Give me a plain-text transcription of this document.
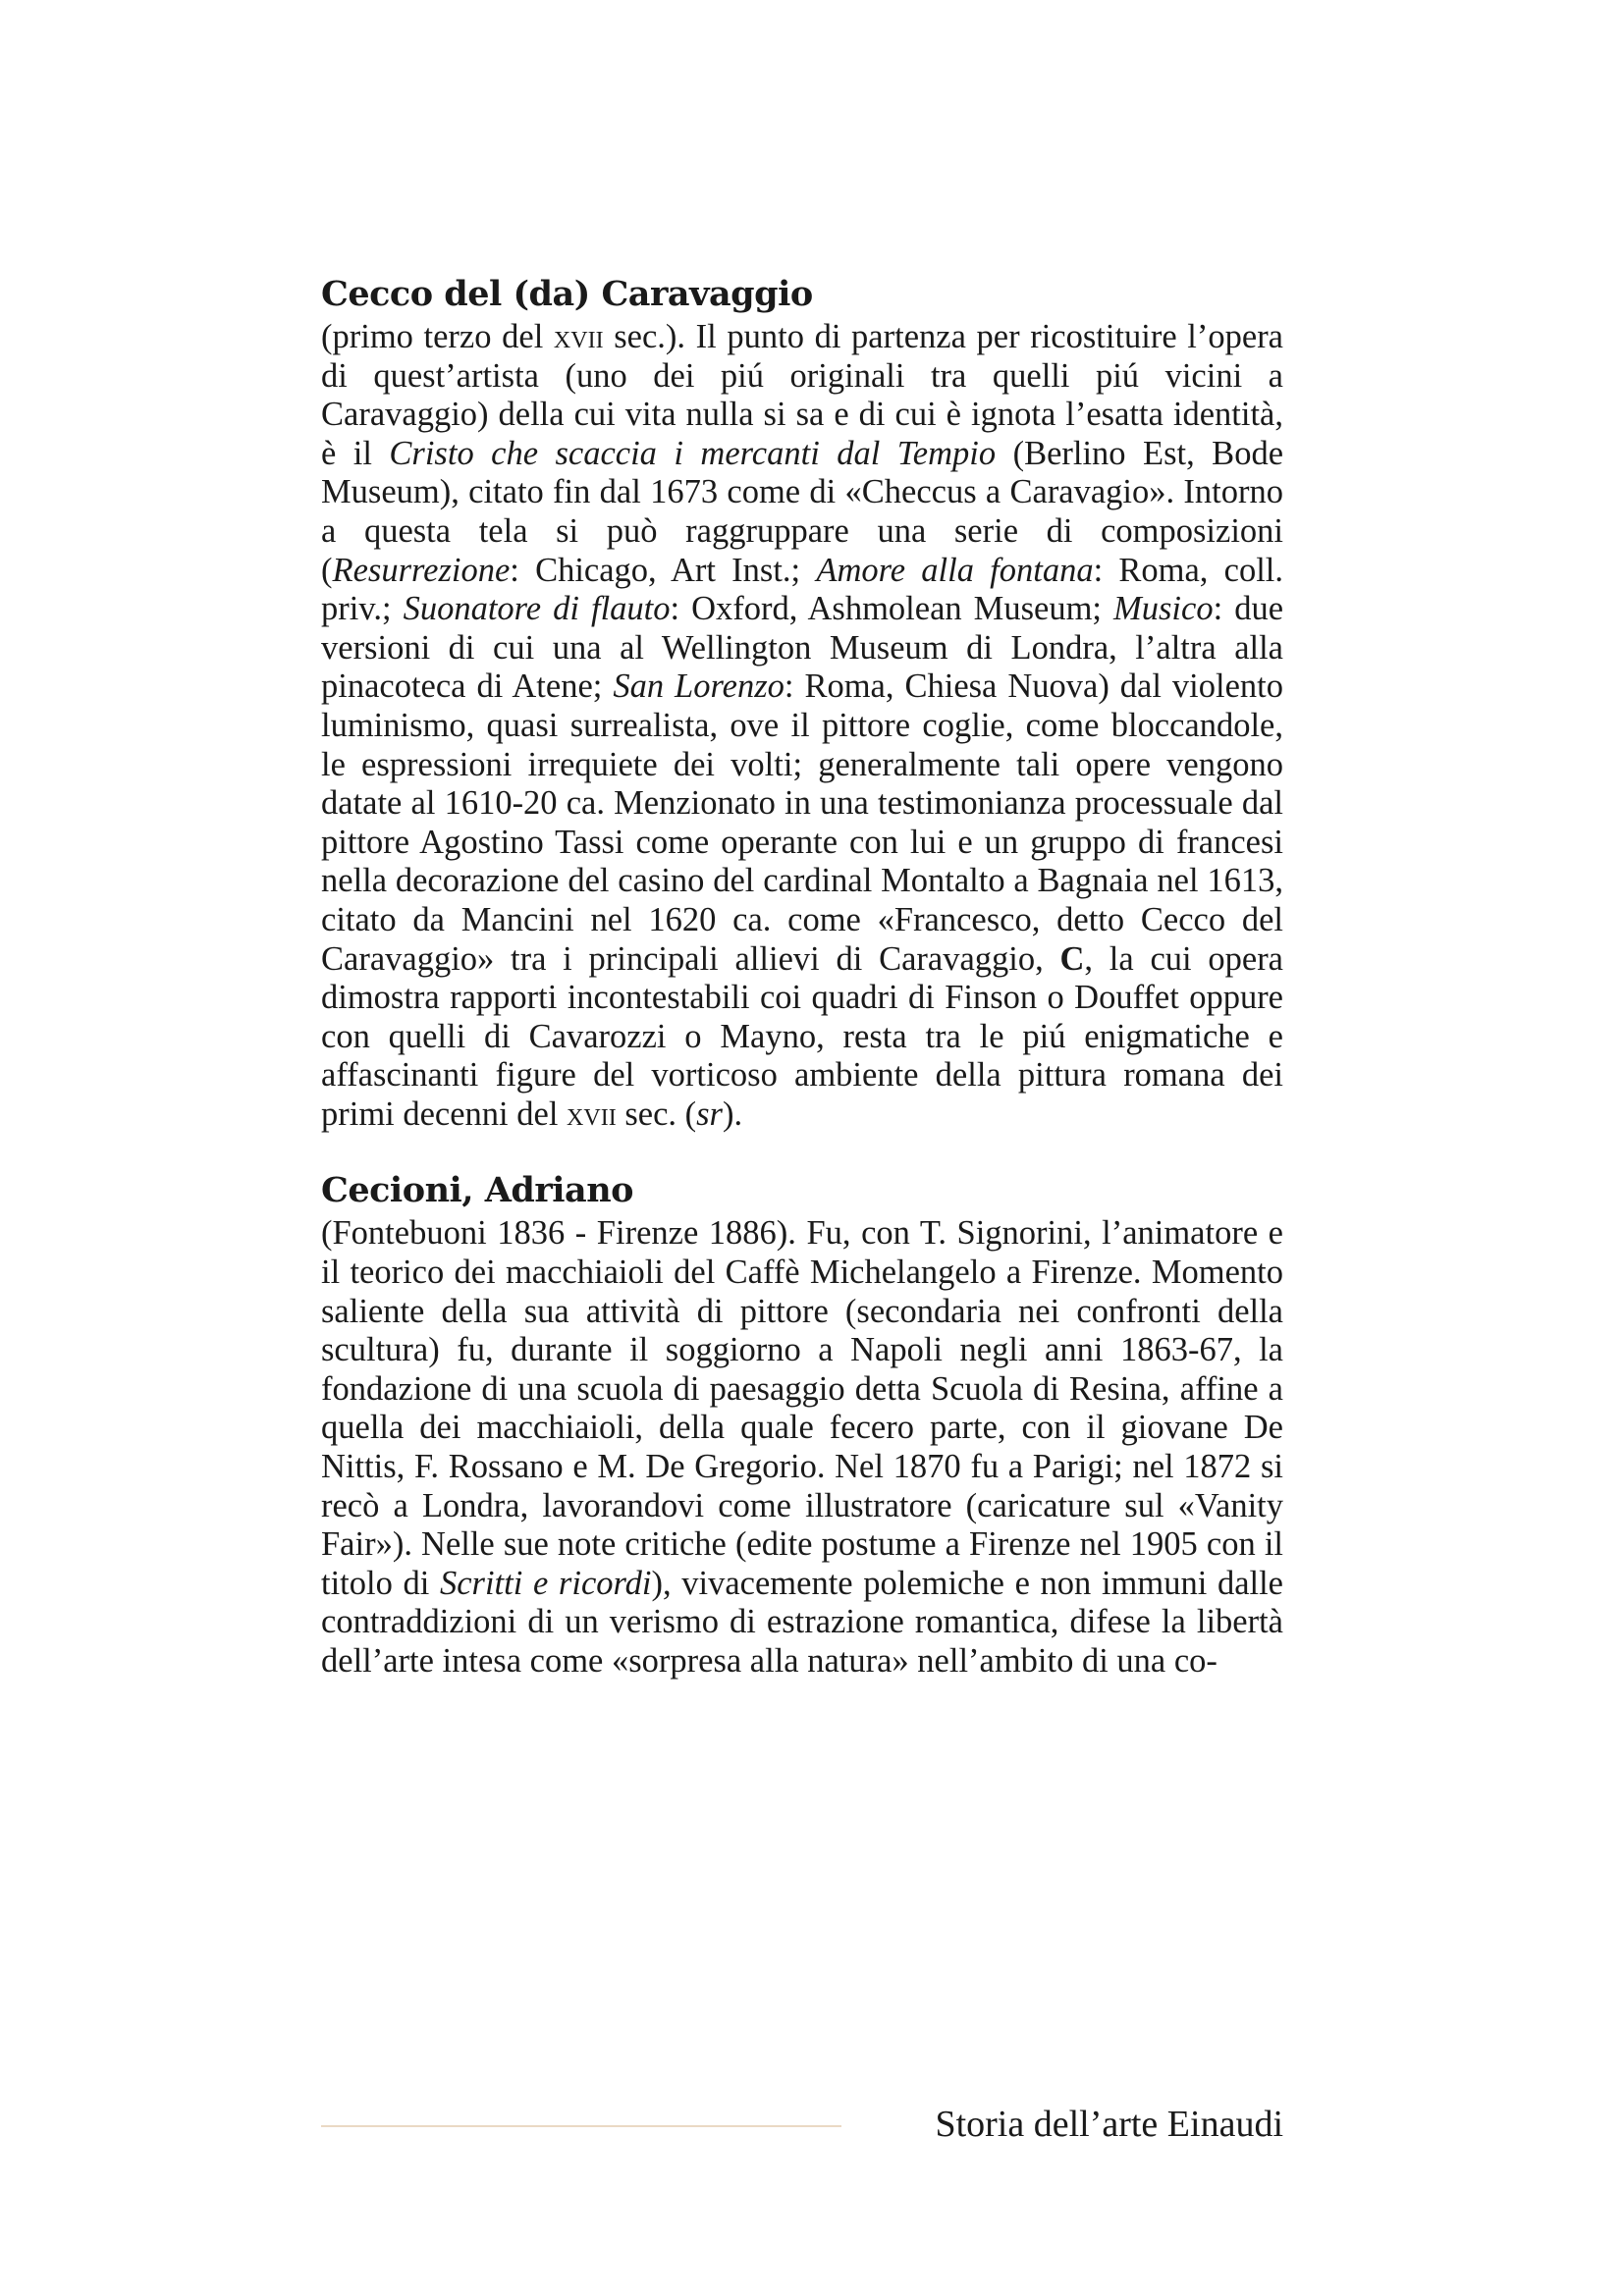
Cecco del (da) Caravaggio
(primo terzo del xvii sec.). Il punto di partenza per ricostituire l’opera di quest’artista (uno dei piú originali tra quelli piú vicini a Caravaggio) della cui vita nulla si sa e di cui è ignota l’esatta identità, è il Cristo che scaccia i mercanti dal Tempio (Berlino Est, Bode Museum), citato fin dal 1673 come di «Checcus a Caravagio». Intorno a questa tela si può raggruppare una serie di composizioni (Resurrezione: Chicago, Art Inst.; Amore alla fontana: Roma, coll. priv.; Suonatore di flauto: Oxford, Ashmolean Museum; Musico: due versioni di cui una al Wellington Museum di Londra, l’altra alla pinacoteca di Atene; San Lorenzo: Roma, Chiesa Nuova) dal violento luminismo, quasi surrealista, ove il pittore coglie, come bloccandole, le espressioni irrequiete dei volti; generalmente tali opere vengono datate al 1610-20 ca. Menzionato in una testimonianza processuale dal pittore Agostino Tassi come operante con lui e un gruppo di francesi nella decorazione del casino del cardinal Montalto a Bagnaia nel 1613, citato da Mancini nel 1620 ca. come «Francesco, detto Cecco del Caravaggio» tra i principali allievi di Caravaggio, C, la cui opera dimostra rapporti incontestabili coi quadri di Finson o Douffet oppure con quelli di Cavarozzi o Mayno, resta tra le piú enigmatiche e affascinanti figure del vorticoso ambiente della pittura romana dei primi decenni del xvii sec. (sr).
Cecioni, Adriano
(Fontebuoni 1836 - Firenze 1886). Fu, con T. Signorini, l’animatore e il teorico dei macchiaioli del Caffè Michelangelo a Firenze. Momento saliente della sua attività di pittore (secondaria nei confronti della scultura) fu, durante il soggiorno a Napoli negli anni 1863-67, la fondazione di una scuola di paesaggio detta Scuola di Resina, affine a quella dei macchiaioli, della quale fecero parte, con il giovane De Nittis, F. Rossano e M. De Gregorio. Nel 1870 fu a Parigi; nel 1872 si recò a Londra, lavorandovi come illustratore (caricature sul «Vanity Fair»). Nelle sue note critiche (edite postume a Firenze nel 1905 con il titolo di Scritti e ricordi), vivacemente polemiche e non immuni dalle contraddizioni di un verismo di estrazione romantica, difese la libertà dell’arte intesa come «sorpresa alla natura» nell’ambito di una co-
Storia dell’arte Einaudi
